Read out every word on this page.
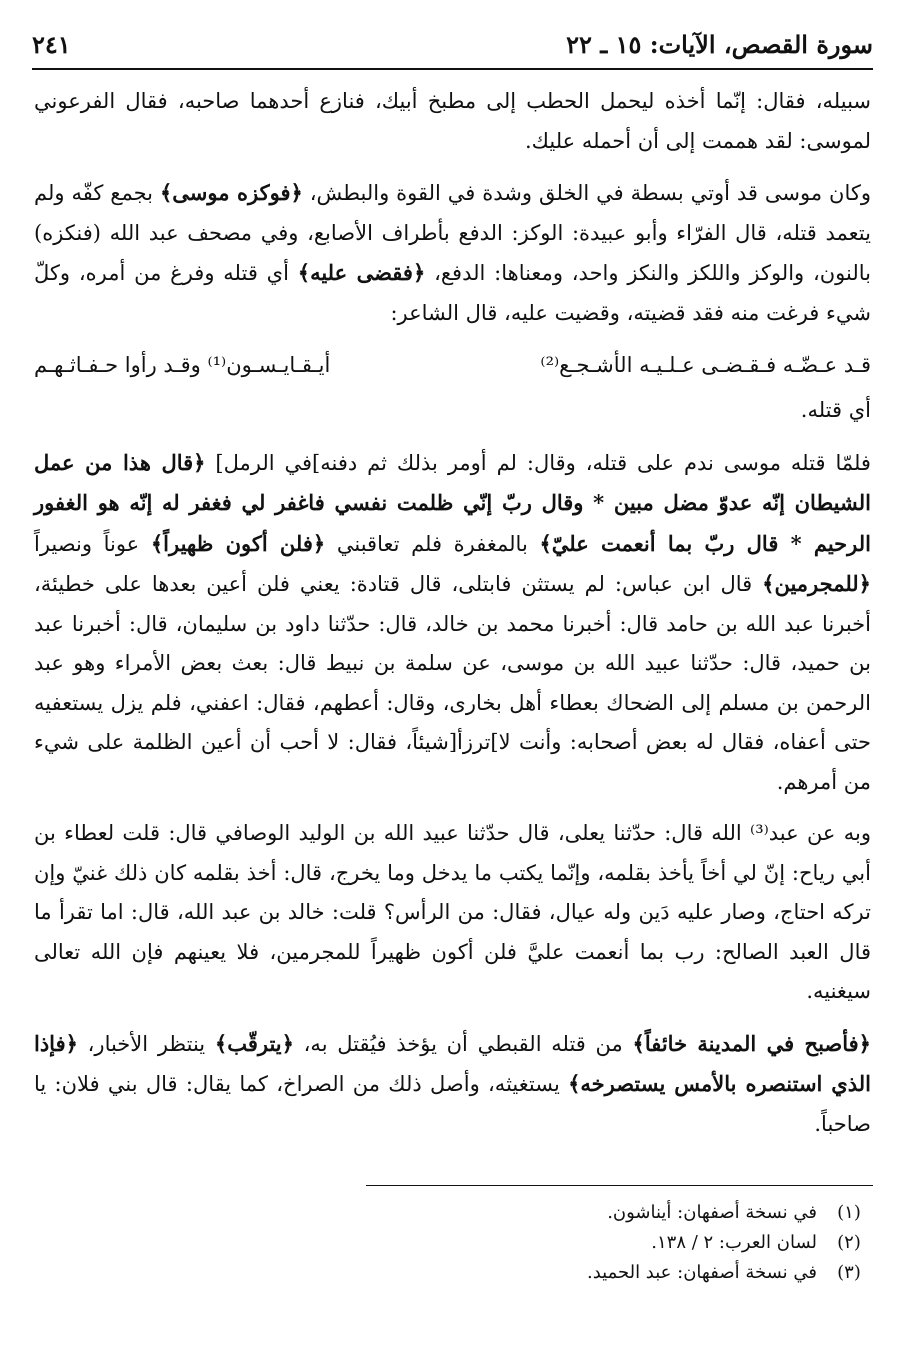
سورة القصص، الآيات: ١٥ ـ ٢٢
٢٤١

سبيله، فقال: إنّما أخذه ليحمل الحطب إلى مطبخ أبيك، فنازع أحدهما صاحبه، فقال الفرعوني لموسى: لقد هممت إلى أن أحمله عليك.

وكان موسى قد أوتي بسطة في الخلق وشدة في القوة والبطش، ﴿فوكزه موسى﴾ بجمع كفّه ولم يتعمد قتله، قال الفرّاء وأبو عبيدة: الوكز: الدفع بأطراف الأصابع، وفي مصحف عبد الله (فنكزه) بالنون، والوكز واللكز والنكز واحد، ومعناها: الدفع، ﴿فقضى عليه﴾ أي قتله وفرغ من أمره، وكلّ شيء فرغت منه فقد قضيته، وقضيت عليه، قال الشاعر:

قـد عـضّـه فـقـضـى عـلـيـه الأشـجـع⁽²⁾
أيـقـايـسـون⁽¹⁾ وقـد رأوا حـفـاثـهـم

أي قتله.

فلمّا قتله موسى ندم على قتله، وقال: لم أومر بذلك ثم دفنه]في الرمل] ﴿قال هذا من عمل الشيطان إنّه عدوّ مضل مبين * وقال ربّ إنّي ظلمت نفسي فاغفر لي فغفر له إنّه هو الغفور الرحيم * قال ربّ بما أنعمت عليّ﴾ بالمغفرة فلم تعاقبني ﴿فلن أكون ظهيراً﴾ عوناً ونصيراً ﴿للمجرمين﴾ قال ابن عباس: لم يستثن فابتلى، قال قتادة: يعني فلن أعين بعدها على خطيئة، أخبرنا عبد الله بن حامد قال: أخبرنا محمد بن خالد، قال: حدّثنا داود بن سليمان، قال: أخبرنا عبد بن حميد، قال: حدّثنا عبيد الله بن موسى، عن سلمة بن نبيط قال: بعث بعض الأمراء وهو عبد الرحمن بن مسلم إلى الضحاك بعطاء أهل بخارى، وقال: أعطهم، فقال: اعفني، فلم يزل يستعفيه حتى أعفاه، فقال له بعض أصحابه: وأنت لا]ترزأ[شيئاً، فقال: لا أحب أن أعين الظلمة على شيء من أمرهم.

وبه عن عبد⁽³⁾ الله قال: حدّثنا يعلى، قال حدّثنا عبيد الله بن الوليد الوصافي قال: قلت لعطاء بن أبي رياح: إنّ لي أخاً يأخذ بقلمه، وإنّما يكتب ما يدخل وما يخرج، قال: أخذ بقلمه كان ذلك غنيّ وإن تركه احتاج، وصار عليه دَين وله عيال، فقال: من الرأس؟ قلت: خالد بن عبد الله، قال: اما تقرأ ما قال العبد الصالح: رب بما أنعمت عليَّ فلن أكون ظهيراً للمجرمين، فلا يعينهم فإن الله تعالى سيغنيه.

﴿فأصبح في المدينة خائفاً﴾ من قتله القبطي أن يؤخذ فيُقتل به، ﴿يترقّب﴾ ينتظر الأخبار، ﴿فإذا الذي استنصره بالأمس يستصرخه﴾ يستغيثه، وأصل ذلك من الصراخ، كما يقال: قال بني فلان: يا صاحباً.

(١)
في نسخة أصفهان: أيناشون.
(٢)
لسان العرب: ٢ / ١٣٨.
(٣)
في نسخة أصفهان: عبد الحميد.
